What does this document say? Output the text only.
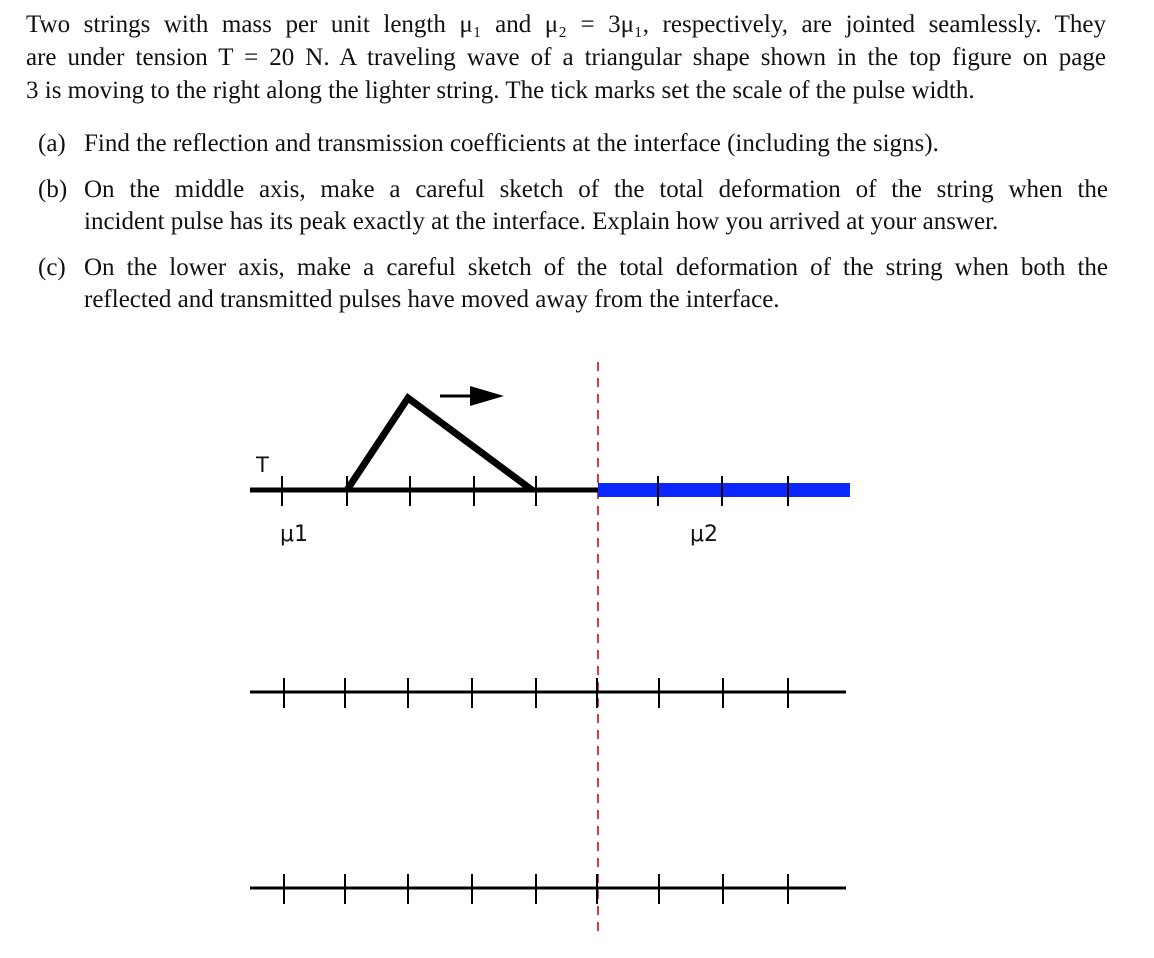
Two strings with mass per unit length μ₁ and μ₂ = 3μ₁, respectively, are jointed seamlessly. They
are under tension T = 20 N. A traveling wave of a triangular shape shown in the top figure on page
3 is moving to the right along the lighter string. The tick marks set the scale of the pulse width.
(a) Find the reflection and transmission coefficients at the interface (including the signs).
(b) On the middle axis, make a careful sketch of the total deformation of the string when the
incident pulse has its peak exactly at the interface. Explain how you arrived at your answer.
(c) On the lower axis, make a careful sketch of the total deformation of the string when both the
reflected and transmitted pulses have moved away from the interface.
T
μ1	μ2
